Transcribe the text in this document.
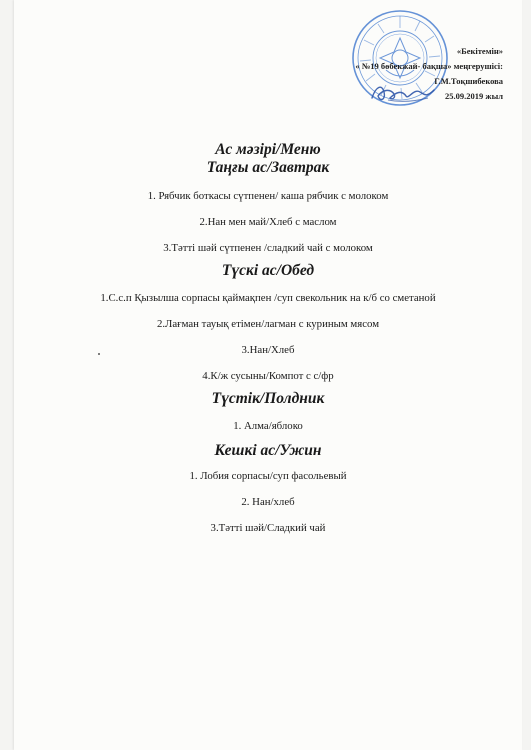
«Бекітемін»
« №19 бөбекжай- бақша» меңгерушісі:
Г.М.Тоқшибекова
25.09.2019 жыл

Ас мәзірі/Меню

Таңғы ас/Завтрак

1. Рябчик боткасы сүтпенен/ каша рябчик с молоком

2.Нан мен май/Хлеб с маслом

3.Тәтті шәй сүтпенен /сладкий чай с молоком

Түскі ас/Обед

1.С.с.п Қызылша сорпасы қаймақпен /суп свекольник на к/б со сметаной

2.Лағман тауық етімен/лагман с куриным мясом

3.Нан/Хлеб

4.К/ж сусыны/Компот с с/фр

Түстік/Полдник

1. Алма/яблоко

Кешкі ас/Ужин

1. Лобия сорпасы/суп фасольевый

2. Нан/хлеб

3.Тәтті шәй/Сладкий чай
